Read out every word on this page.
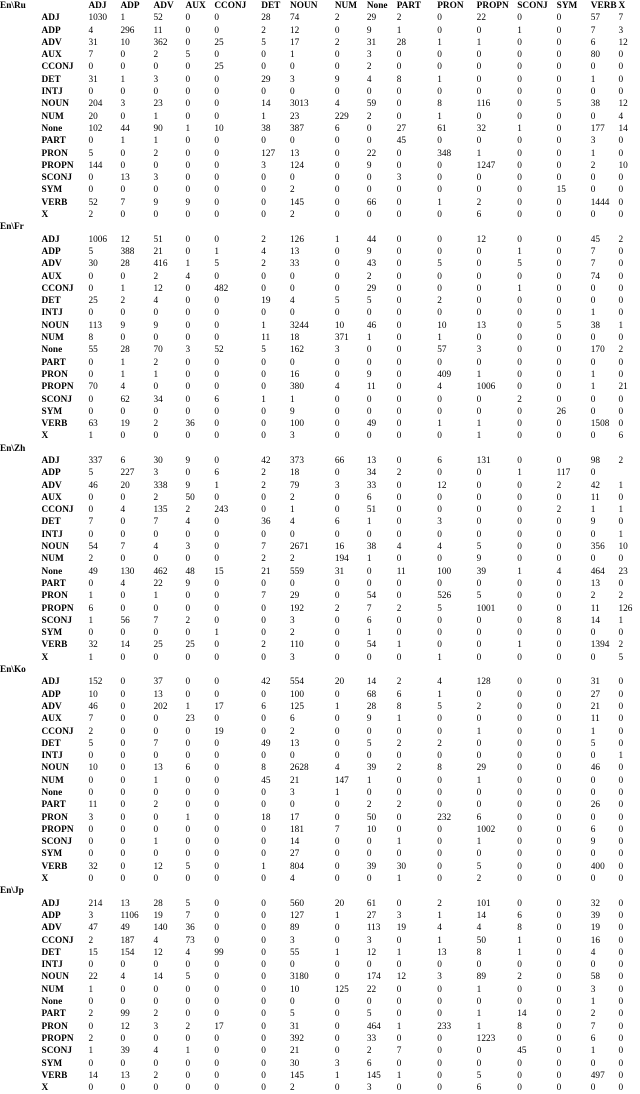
En\Ru		ADJ	ADP	ADV	AUX	CCONJ	DET	NOUN	NUM	None	PART	PRON	PROPN	SCONJ	SYM	VERB	X
	ADJ	1030	1	52	0	0	28	74	2	29	2	0	22	0	0	57	7
	ADP	4	296	11	0	0	2	12	0	9	1	0	0	1	0	7	3
	ADV	31	10	362	0	25	5	17	2	31	28	1	1	0	0	6	12
	AUX	7	0	2	5	0	0	1	0	3	0	0	0	0	0	80	0
	CCONJ	0	0	0	0	25	0	0	0	2	0	0	0	0	0	0	0
	DET	31	1	3	0	0	29	3	9	4	8	1	0	0	0	1	0
	INTJ	0	0	0	0	0	0	0	0	0	0	0	0	0	0	0	0
	NOUN	204	3	23	0	0	14	3013	4	59	0	8	116	0	5	38	12
	NUM	20	0	1	0	0	1	23	229	2	0	1	0	0	0	0	4
	None	102	44	90	1	10	38	387	6	0	27	61	32	1	0	177	14
	PART	0	1	1	0	0	0	0	0	0	45	0	0	0	0	3	0
	PRON	5	0	2	0	0	127	13	0	22	0	348	1	0	0	1	0
	PROPN	144	0	0	0	0	3	124	0	9	0	0	1247	0	0	2	10
	SCONJ	0	13	3	0	0	0	0	0	0	3	0	0	0	0	0	0
	SYM	0	0	0	0	0	0	2	0	0	0	0	0	0	15	0	0
	VERB	52	7	9	9	0	0	145	0	66	0	1	2	0	0	1444	0
	X	2	0	0	0	0	0	2	0	0	0	0	6	0	0	0	0
En\Fr																	
	ADJ	1006	12	51	0	0	2	126	1	44	0	0	12	0	0	45	2
	ADP	5	388	21	0	1	4	13	0	9	0	0	0	1	0	7	0
	ADV	30	28	416	1	5	2	33	0	43	0	5	0	5	0	7	0
	AUX	0	0	2	4	0	0	0	0	2	0	0	0	0	0	74	0
	CCONJ	0	1	12	0	482	0	0	0	29	0	0	0	1	0	0	0
	DET	25	2	4	0	0	19	4	5	5	0	2	0	0	0	0	0
	INTJ	0	0	0	0	0	0	0	0	0	0	0	0	0	0	1	0
	NOUN	113	9	9	0	0	1	3244	10	46	0	10	13	0	5	38	1
	NUM	8	0	0	0	0	11	18	371	1	0	1	0	0	0	0	0
	None	55	28	70	3	52	5	162	3	0	0	57	3	0	0	170	2
	PART	0	1	2	0	0	0	0	0	0	0	0	0	0	0	0	0
	PRON	0	1	1	0	0	0	16	0	9	0	409	1	0	0	1	0
	PROPN	70	4	0	0	0	0	380	4	11	0	4	1006	0	0	1	21
	SCONJ	0	62	34	0	6	1	1	0	0	0	0	0	2	0	0	0
	SYM	0	0	0	0	0	0	9	0	0	0	0	0	0	26	0	0
	VERB	63	19	2	36	0	0	100	0	49	0	1	1	0	0	1508	0
	X	1	0	0	0	0	0	3	0	0	0	0	1	0	0	0	6
En\Zh																	
	ADJ	337	6	30	9	0	42	373	66	13	0	6	131	0	0	98	2
	ADP	5	227	3	0	6	2	18	0	34	2	0	0	1	117	0	
	ADV	46	20	338	9	1	2	79	3	33	0	12	0	0	2	42	1
	AUX	0	0	2	50	0	0	2	0	6	0	0	0	0	0	11	0
	CCONJ	0	4	135	2	243	0	1	0	51	0	0	0	0	2	1	1
	DET	7	0	7	4	0	36	4	6	1	0	3	0	0	0	9	0
	INTJ	0	0	0	0	0	0	0	0	0	0	0	0	0	0	0	1
	NOUN	54	7	4	3	0	7	2671	16	38	4	4	5	0	0	356	10
	NUM	2	0	0	0	0	2	2	194	1	0	0	9	0	0	0	0
	None	49	130	462	48	15	21	559	31	0	11	100	39	1	4	464	23
	PART	0	4	22	9	0	0	0	0	0	0	0	0	0	0	13	0
	PRON	1	0	1	0	0	7	29	0	54	0	526	5	0	0	2	2
	PROPN	6	0	0	0	0	0	192	2	7	2	5	1001	0	0	11	126
	SCONJ	1	56	7	2	0	0	3	0	6	0	0	0	0	8	14	1
	SYM	0	0	0	0	1	0	2	0	1	0	0	0	0	0	0	0
	VERB	32	14	25	25	0	2	110	0	54	1	0	0	1	0	1394	2
	X	1	0	0	0	0	0	3	0	0	0	1	0	0	0	0	5
En\Ko																	
	ADJ	152	0	37	0	0	42	554	20	14	2	4	128	0	0	31	0
	ADP	10	0	13	0	0	0	100	0	68	6	1	0	0	0	27	0
	ADV	46	0	202	1	17	6	125	1	28	8	5	2	0	0	21	0
	AUX	7	0	0	23	0	0	6	0	9	1	0	0	0	0	11	0
	CCONJ	2	0	0	0	19	0	2	0	0	0	0	1	0	0	1	0
	DET	5	0	7	0	0	49	13	0	5	2	2	0	0	0	5	0
	INTJ	0	0	0	0	0	0	0	0	0	0	0	0	0	0	0	1
	NOUN	10	0	13	6	0	8	2628	4	39	2	8	29	0	0	46	0
	NUM	0	0	1	0	0	45	21	147	1	0	0	1	0	0	0	0
	None	0	0	0	0	0	0	3	1	0	0	0	0	0	0	0	0
	PART	11	0	2	0	0	0	0	0	2	2	0	0	0	0	26	0
	PRON	3	0	0	1	0	18	17	0	50	0	232	6	0	0	0	0
	PROPN	0	0	0	0	0	0	181	7	10	0	0	1002	0	0	6	0
	SCONJ	0	0	1	0	0	0	14	0	0	1	0	1	0	0	9	0
	SYM	0	0	0	0	0	0	27	0	0	0	0	0	0	0	0	0
	VERB	32	0	12	5	0	1	804	0	39	30	0	5	0	0	400	0
	X	0	0	0	0	0	0	4	0	0	1	0	2	0	0	0	0
En\Jp																	
	ADJ	214	13	28	5	0	0	560	20	61	0	2	101	0	0	32	0
	ADP	3	1106	19	7	0	0	127	1	27	3	1	14	6	0	39	0
	ADV	47	49	140	36	0	0	89	0	113	19	4	4	8	0	19	0
	CCONJ	2	187	4	73	0	0	3	0	3	0	1	50	1	0	16	0
	DET	15	154	12	4	99	0	55	1	12	1	13	8	1	0	4	0
	INTJ	0	0	0	0	0	0	0	0	0	0	0	0	0	0	0	0
	NOUN	22	4	14	5	0	0	3180	0	174	12	3	89	2	0	58	0
	NUM	1	0	0	0	0	0	10	125	22	0	0	1	0	0	3	0
	None	0	0	0	0	0	0	0	0	0	0	0	0	0	0	1	0
	PART	2	99	2	0	0	0	5	0	5	0	0	1	14	0	2	0
	PRON	0	12	3	2	17	0	31	0	464	1	233	1	8	0	7	0
	PROPN	2	0	0	0	0	0	392	0	33	0	0	1223	0	0	6	0
	SCONJ	1	39	4	1	0	0	21	0	2	7	0	0	45	0	1	0
	SYM	0	0	0	0	0	0	30	3	6	0	0	0	0	0	0	0
	VERB	14	13	2	0	0	0	145	1	145	1	0	5	0	0	497	0
	X	0	0	0	0	0	0	2	0	3	0	0	6	0	0	0	0
